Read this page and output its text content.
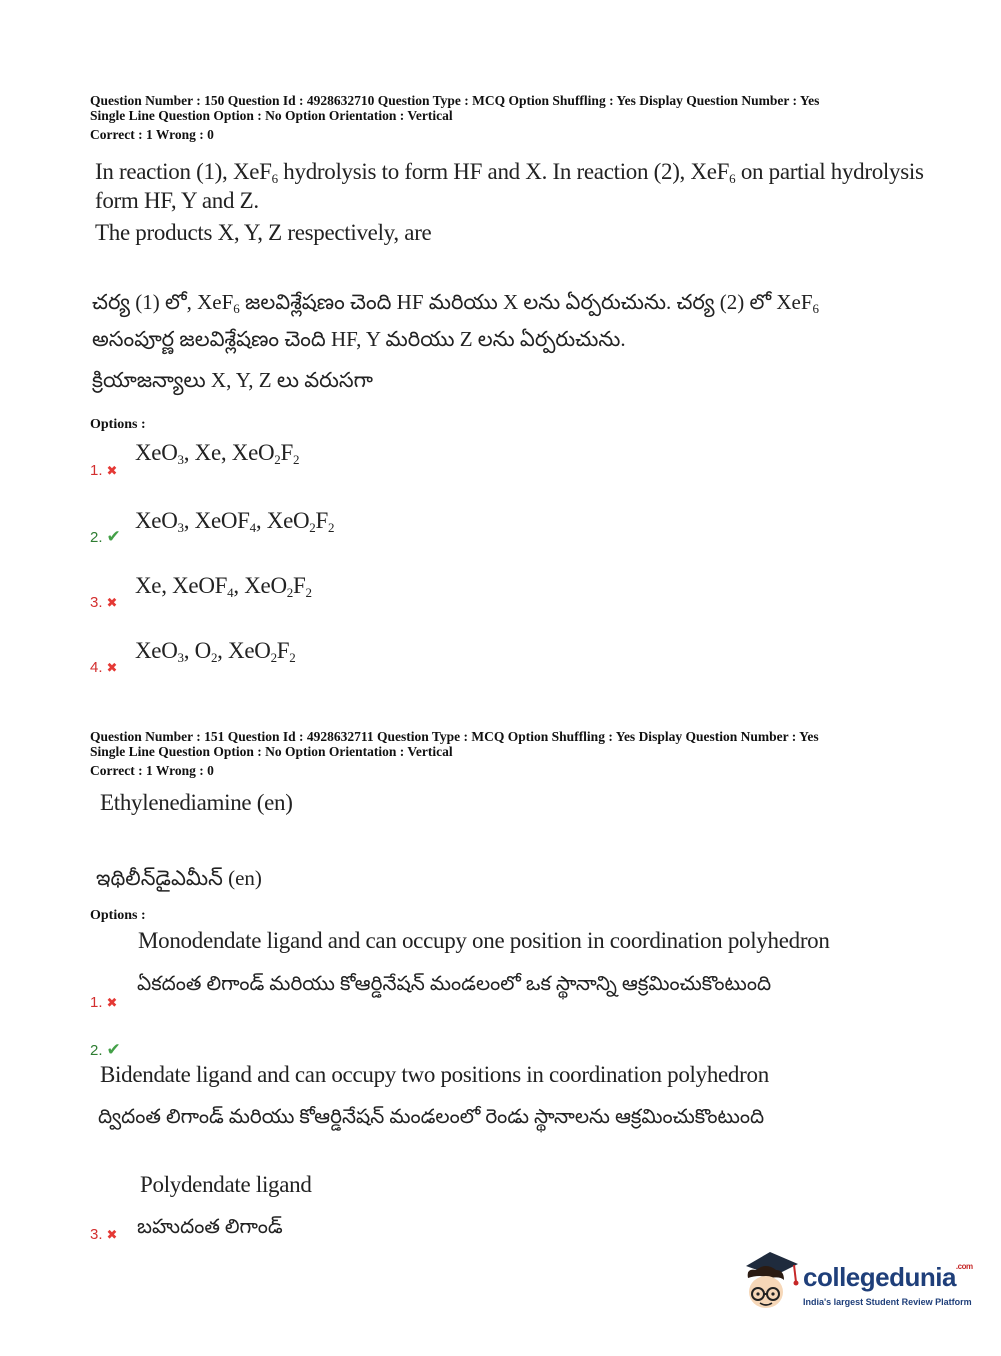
Question Number : 150 Question Id : 4928632710 Question Type : MCQ Option Shuffling : Yes Display Question Number : Yes
Single Line Question Option : No Option Orientation : Vertical
Correct : 1 Wrong : 0
In reaction (1), XeF$_6$ hydrolysis to form HF and X. In reaction (2), XeF$_6$ on partial hydrolysis
form HF, Y and Z.
The products X, Y, Z respectively, are
చర్య (1) లో, XeF$_6$ జలవిశ్లేషణం చెంది HF మరియు X లను ఏర్పరుచును. చర్య (2) లో XeF$_6$
అసంపూర్ణ జలవిశ్లేషణం చెంది HF, Y మరియు Z లను ఏర్పరుచును.
క్రియాజన్యాలు X, Y, Z లు వరుసగా
Options :
1. ✖
XeO$_3$, Xe, $XeO_2F_2$
2. ✔
XeO$_3$, XeOF$_4$, $XeO_2F_2$
3. ✖
Xe, XeOF$_4$, $XeO_2F_2$
4. ✖
XeO$_3$, $O_2$, $XeO_2F_2$
Question Number : 151 Question Id : 4928632711 Question Type : MCQ Option Shuffling : Yes Display Question Number : Yes
Single Line Question Option : No Option Orientation : Vertical
Correct : 1 Wrong : 0
Ethylenediamine (en)
ఇథిలీన్‌డైఎమీన్ (en)
Options :
Monodendate ligand and can occupy one position in coordination polyhedron
ఏకదంత లిగాండ్ మరియు కోఆర్డినేషన్ మండలంలో ఒక స్థానాన్ని ఆక్రమించుకొంటుంది
1. ✖
2. ✔
Bidendate ligand and can occupy two positions in coordination polyhedron
ద్విదంత లిగాండ్ మరియు కోఆర్డినేషన్ మండలంలో రెండు స్థానాలను ఆక్రమించుకొంటుంది
Polydendate ligand
బహుదంత లిగాండ్
3. ✖
collegedunia$^{.com}$
India's largest Student Review Platform
